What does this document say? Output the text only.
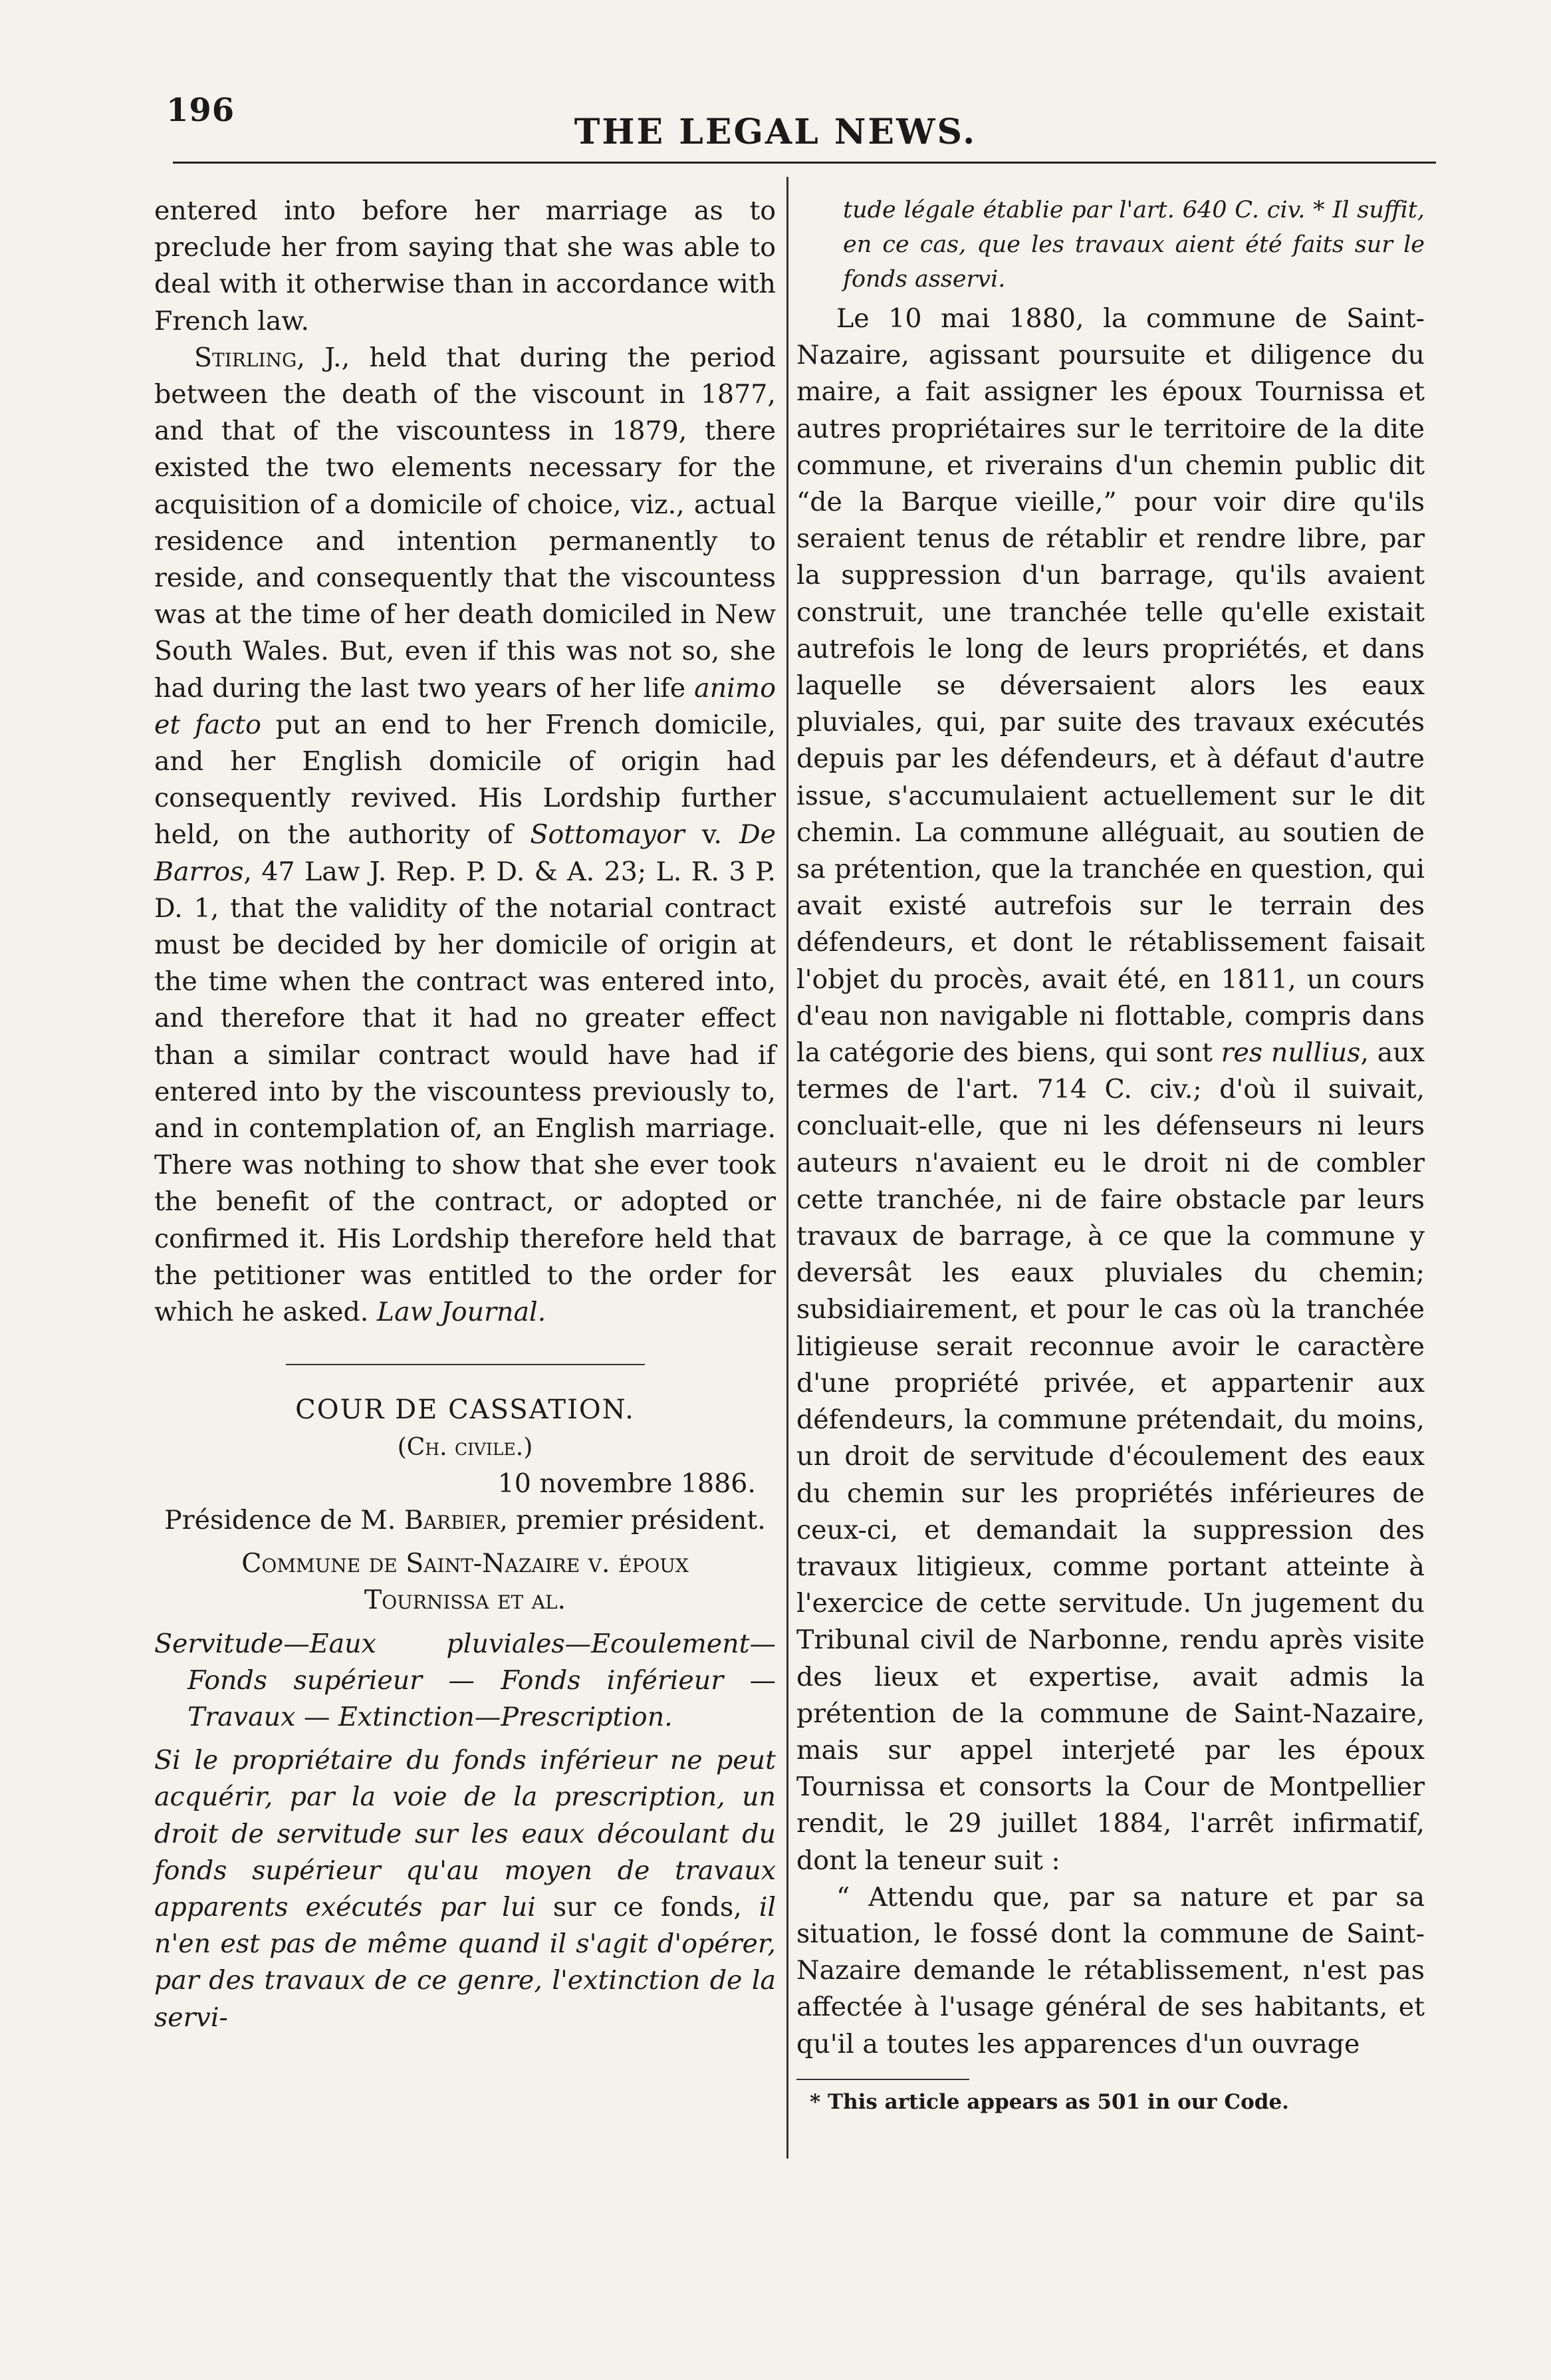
196
THE LEGAL NEWS.

entered into before her marriage as to preclude her from saying that she was able to deal with it otherwise than in accordance with French law.

Stirling, J., held that during the period between the death of the viscount in 1877, and that of the viscountess in 1879, there existed the two elements necessary for the acquisition of a domicile of choice, viz., actual residence and intention permanently to reside, and consequently that the viscountess was at the time of her death domiciled in New South Wales. But, even if this was not so, she had during the last two years of her life animo et facto put an end to her French domicile, and her English domicile of origin had consequently revived. His Lordship further held, on the authority of Sottomayor v. De Barros, 47 Law J. Rep. P. D. & A. 23; L. R. 3 P. D. 1, that the validity of the notarial contract must be decided by her domicile of origin at the time when the contract was entered into, and therefore that it had no greater effect than a similar contract would have had if entered into by the viscountess previously to, and in contemplation of, an English marriage. There was nothing to show that she ever took the benefit of the contract, or adopted or confirmed it. His Lordship therefore held that the petitioner was entitled to the order for which he asked. Law Journal.

COUR DE CASSATION.

(Ch. civile.)

10 novembre 1886.

Présidence de M. Barbier, premier président.

Commune de Saint-Nazaire v. époux Tournissa et al.

Servitude—Eaux pluviales—Ecoulement—Fonds supérieur — Fonds inférieur — Travaux — Extinction—Prescription.

Si le propriétaire du fonds inférieur ne peut acquérir, par la voie de la prescription, un droit de servitude sur les eaux découlant du fonds supérieur qu'au moyen de travaux apparents exécutés par lui sur ce fonds, il n'en est pas de même quand il s'agit d'opérer, par des travaux de ce genre, l'extinction de la servi-

tude légale établie par l'art. 640 C. civ. * Il suffit, en ce cas, que les travaux aient été faits sur le fonds asservi.

Le 10 mai 1880, la commune de Saint-Nazaire, agissant poursuite et diligence du maire, a fait assigner les époux Tournissa et autres propriétaires sur le territoire de la dite commune, et riverains d'un chemin public dit “de la Barque vieille,” pour voir dire qu'ils seraient tenus de rétablir et rendre libre, par la suppression d'un barrage, qu'ils avaient construit, une tranchée telle qu'elle existait autrefois le long de leurs propriétés, et dans laquelle se déversaient alors les eaux pluviales, qui, par suite des travaux exécutés depuis par les défendeurs, et à défaut d'autre issue, s'accumulaient actuellement sur le dit chemin. La commune alléguait, au soutien de sa prétention, que la tranchée en question, qui avait existé autrefois sur le terrain des défendeurs, et dont le rétablissement faisait l'objet du procès, avait été, en 1811, un cours d'eau non navigable ni flottable, compris dans la catégorie des biens, qui sont res nullius, aux termes de l'art. 714 C. civ.; d'où il suivait, concluait-elle, que ni les défenseurs ni leurs auteurs n'avaient eu le droit ni de combler cette tranchée, ni de faire obstacle par leurs travaux de barrage, à ce que la commune y deversât les eaux pluviales du chemin; subsidiairement, et pour le cas où la tranchée litigieuse serait reconnue avoir le caractère d'une propriété privée, et appartenir aux défendeurs, la commune prétendait, du moins, un droit de servitude d'écoulement des eaux du chemin sur les propriétés inférieures de ceux-ci, et demandait la suppression des travaux litigieux, comme portant atteinte à l'exercice de cette servitude. Un jugement du Tribunal civil de Narbonne, rendu après visite des lieux et expertise, avait admis la prétention de la commune de Saint-Nazaire, mais sur appel interjeté par les époux Tournissa et consorts la Cour de Montpellier rendit, le 29 juillet 1884, l'arrêt infirmatif, dont la teneur suit :

“ Attendu que, par sa nature et par sa situation, le fossé dont la commune de Saint-Nazaire demande le rétablissement, n'est pas affectée à l'usage général de ses habitants, et qu'il a toutes les apparences d'un ouvrage

* This article appears as 501 in our Code.
